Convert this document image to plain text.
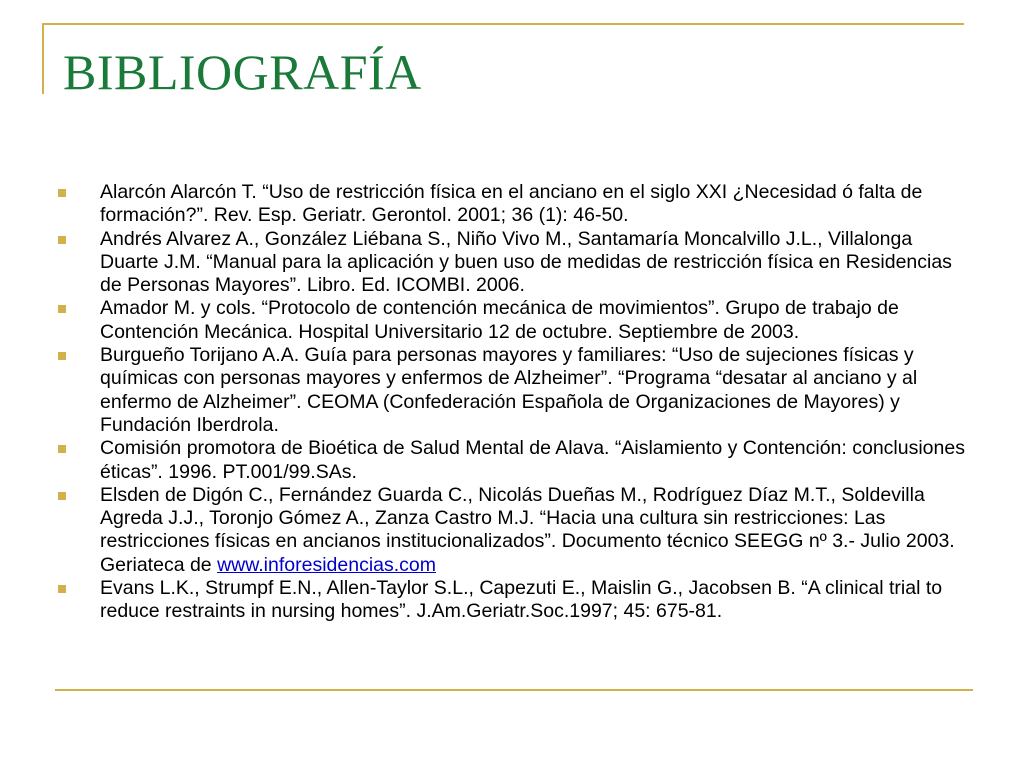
BIBLIOGRAFÍA
Alarcón Alarcón T. “Uso de restricción física en el anciano en el siglo XXI ¿Necesidad ó falta de formación?”. Rev. Esp. Geriatr. Gerontol. 2001; 36 (1): 46-50.
Andrés Alvarez A., González Liébana S., Niño Vivo M., Santamaría Moncalvillo J.L., Villalonga Duarte J.M. “Manual para la aplicación y buen uso de medidas de restricción física en Residencias de Personas Mayores”. Libro. Ed. ICOMBI. 2006.
Amador M. y cols. “Protocolo de contención mecánica de movimientos”. Grupo de trabajo de Contención Mecánica. Hospital Universitario 12 de octubre. Septiembre de 2003.
Burgueño Torijano A.A. Guía para personas mayores y familiares: “Uso de sujeciones físicas y químicas con personas mayores y enfermos de Alzheimer”. “Programa “desatar al anciano y al enfermo de Alzheimer”. CEOMA (Confederación Española de Organizaciones de Mayores) y Fundación Iberdrola.
Comisión promotora de Bioética de Salud Mental de Alava. “Aislamiento y Contención: conclusiones éticas”. 1996. PT.001/99.SAs.
Elsden de Digón C., Fernández Guarda C., Nicolás Dueñas M., Rodríguez Díaz M.T., Soldevilla Agreda J.J., Toronjo Gómez A., Zanza Castro M.J. “Hacia una cultura sin restricciones: Las restricciones físicas en ancianos institucionalizados”. Documento técnico SEEGG nº 3.- Julio 2003. Geriateca de www.inforesidencias.com
Evans L.K., Strumpf E.N., Allen-Taylor S.L., Capezuti E., Maislin G., Jacobsen B. “A clinical trial to reduce restraints in nursing homes”. J.Am.Geriatr.Soc.1997; 45: 675-81.
